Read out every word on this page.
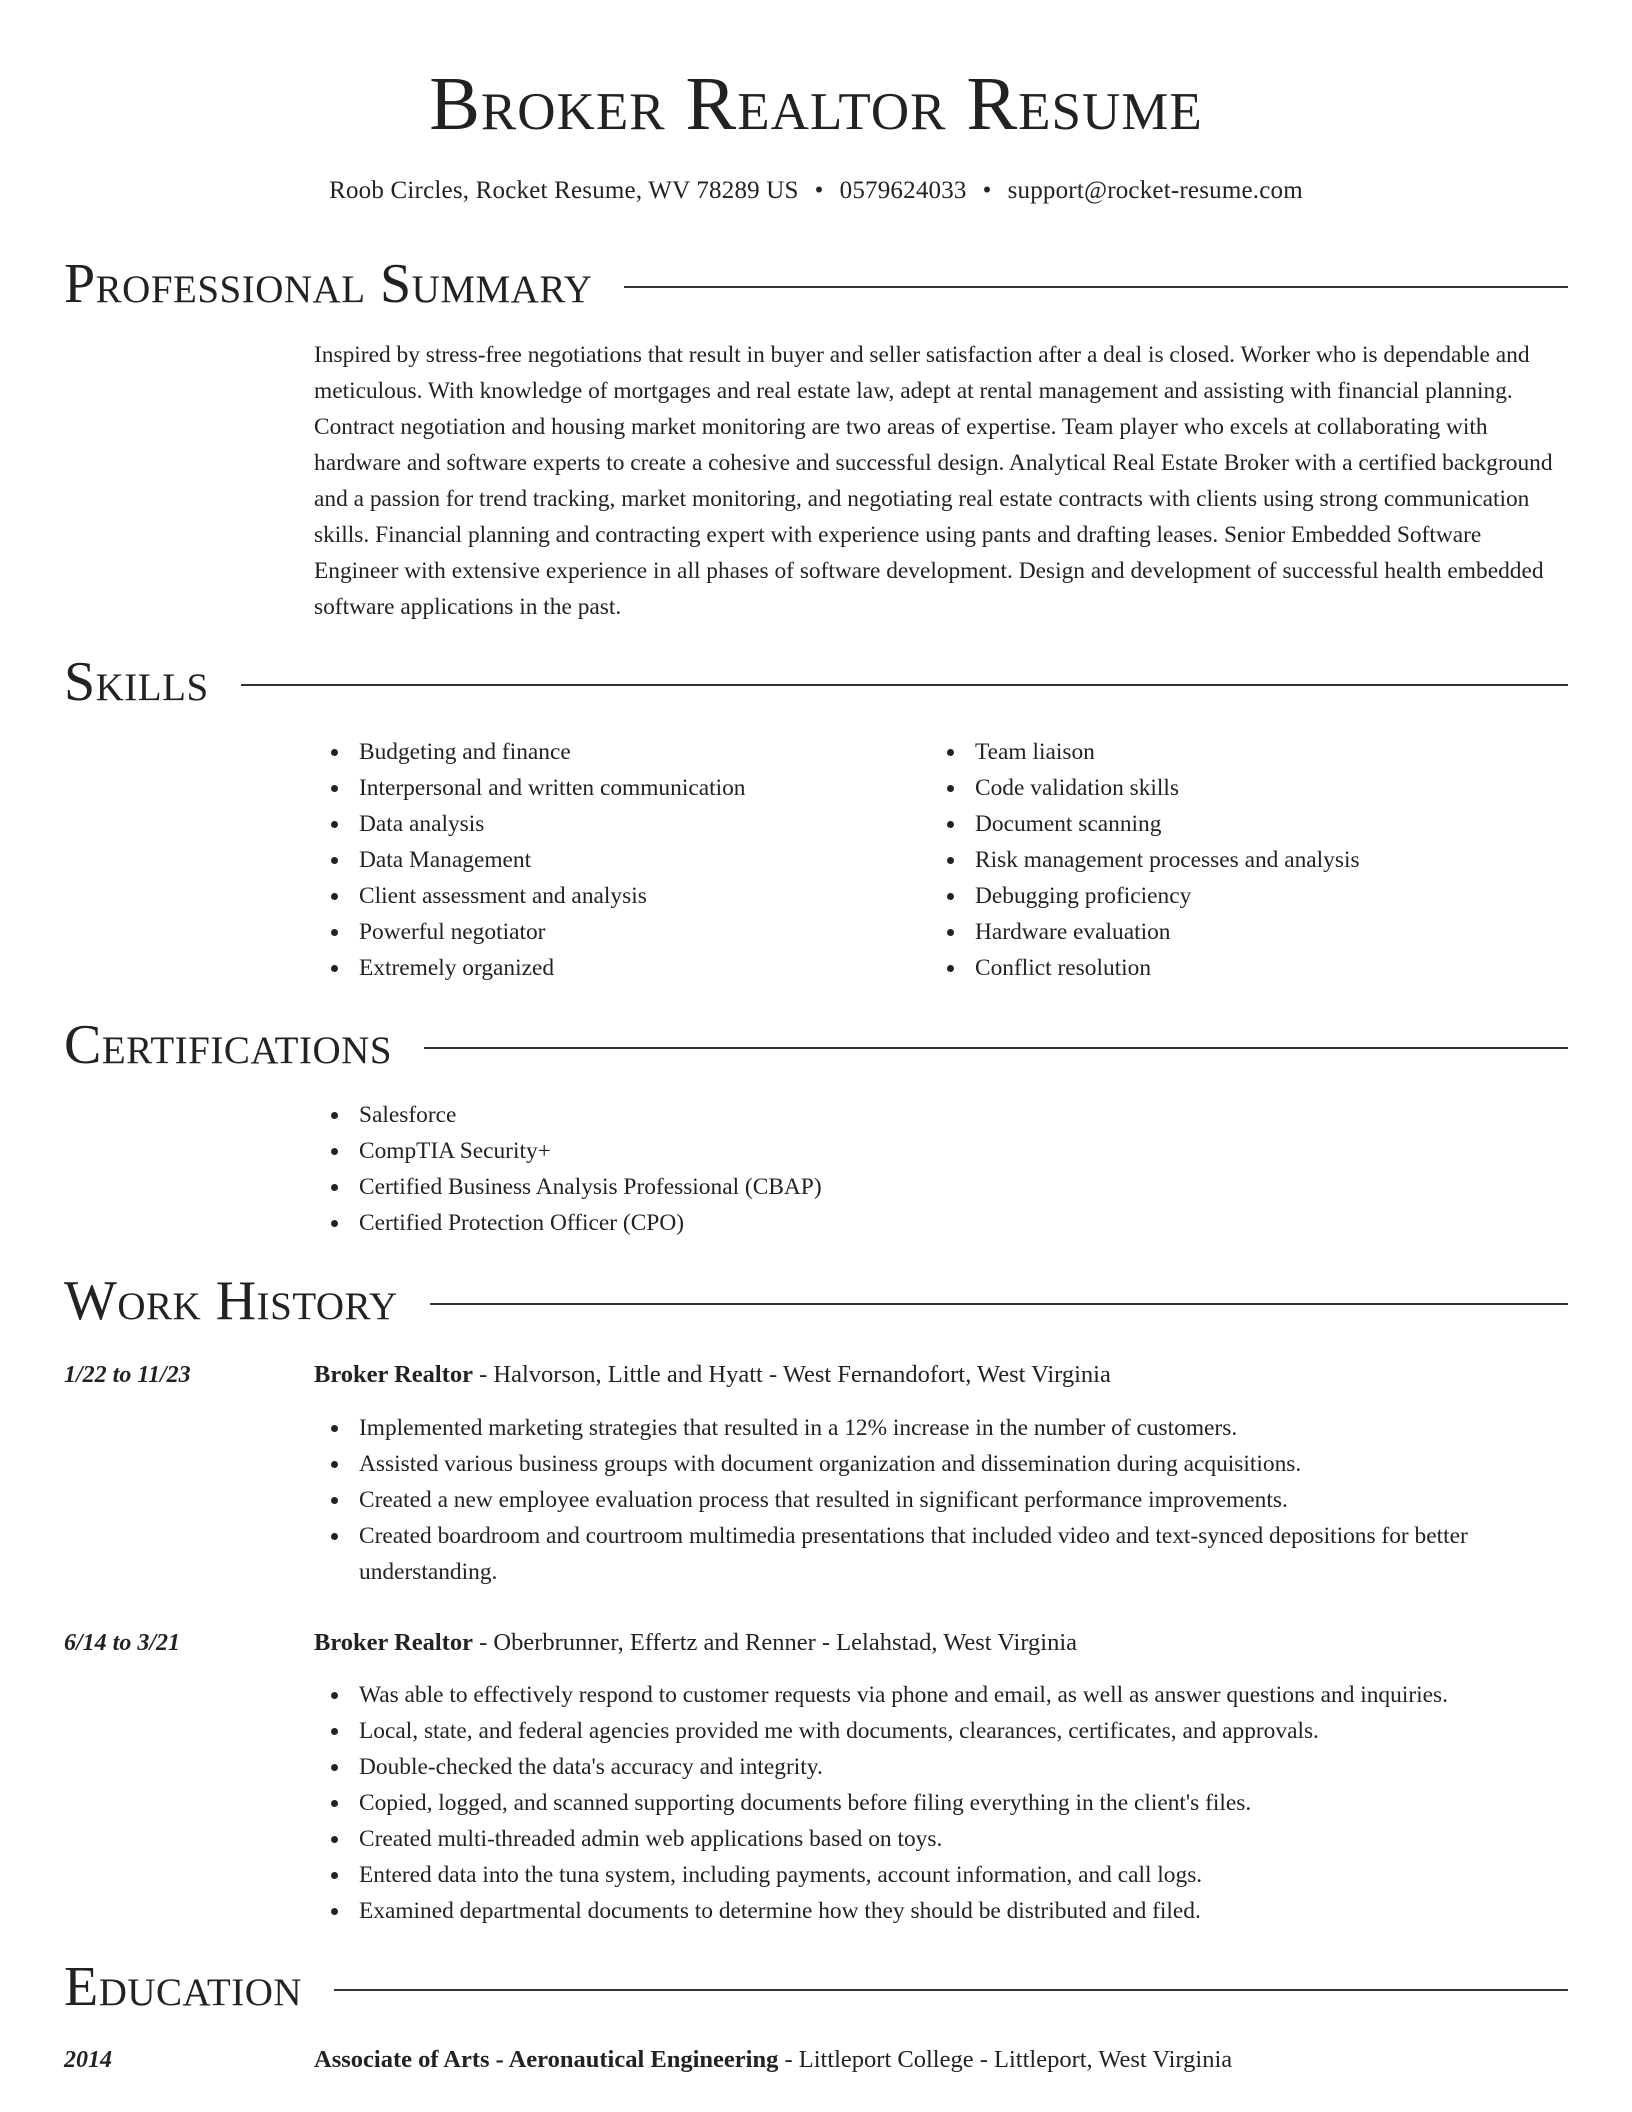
Broker Realtor Resume
Roob Circles, Rocket Resume, WV 78289 US • 0579624033 • support@rocket-resume.com
Professional Summary

Inspired by stress-free negotiations that result in buyer and seller satisfaction after a deal is closed. Worker who is dependable and meticulous. With knowledge of mortgages and real estate law, adept at rental management and assisting with financial planning. Contract negotiation and housing market monitoring are two areas of expertise. Team player who excels at collaborating with hardware and software experts to create a cohesive and successful design. Analytical Real Estate Broker with a certified background and a passion for trend tracking, market monitoring, and negotiating real estate contracts with clients using strong communication skills. Financial planning and contracting expert with experience using pants and drafting leases. Senior Embedded Software Engineer with extensive experience in all phases of software development. Design and development of successful health embedded software applications in the past.

Skills
Budgeting and finance
Interpersonal and written communication
Data analysis
Data Management
Client assessment and analysis
Powerful negotiator
Extremely organized
Team liaison
Code validation skills
Document scanning
Risk management processes and analysis
Debugging proficiency
Hardware evaluation
Conflict resolution
Certifications
Salesforce
CompTIA Security+
Certified Business Analysis Professional (CBAP)
Certified Protection Officer (CPO)
Work History
1/22 to 11/23	Broker Realtor - Halvorson, Little and Hyatt - West Fernandofort, West Virginia
Implemented marketing strategies that resulted in a 12% increase in the number of customers.
Assisted various business groups with document organization and dissemination during acquisitions.
Created a new employee evaluation process that resulted in significant performance improvements.
Created boardroom and courtroom multimedia presentations that included video and text-synced depositions for better understanding.
6/14 to 3/21	Broker Realtor - Oberbrunner, Effertz and Renner - Lelahstad, West Virginia
Was able to effectively respond to customer requests via phone and email, as well as answer questions and inquiries.
Local, state, and federal agencies provided me with documents, clearances, certificates, and approvals.
Double-checked the data's accuracy and integrity.
Copied, logged, and scanned supporting documents before filing everything in the client's files.
Created multi-threaded admin web applications based on toys.
Entered data into the tuna system, including payments, account information, and call logs.
Examined departmental documents to determine how they should be distributed and filed.
Education
2014	Associate of Arts - Aeronautical Engineering - Littleport College - Littleport, West Virginia
